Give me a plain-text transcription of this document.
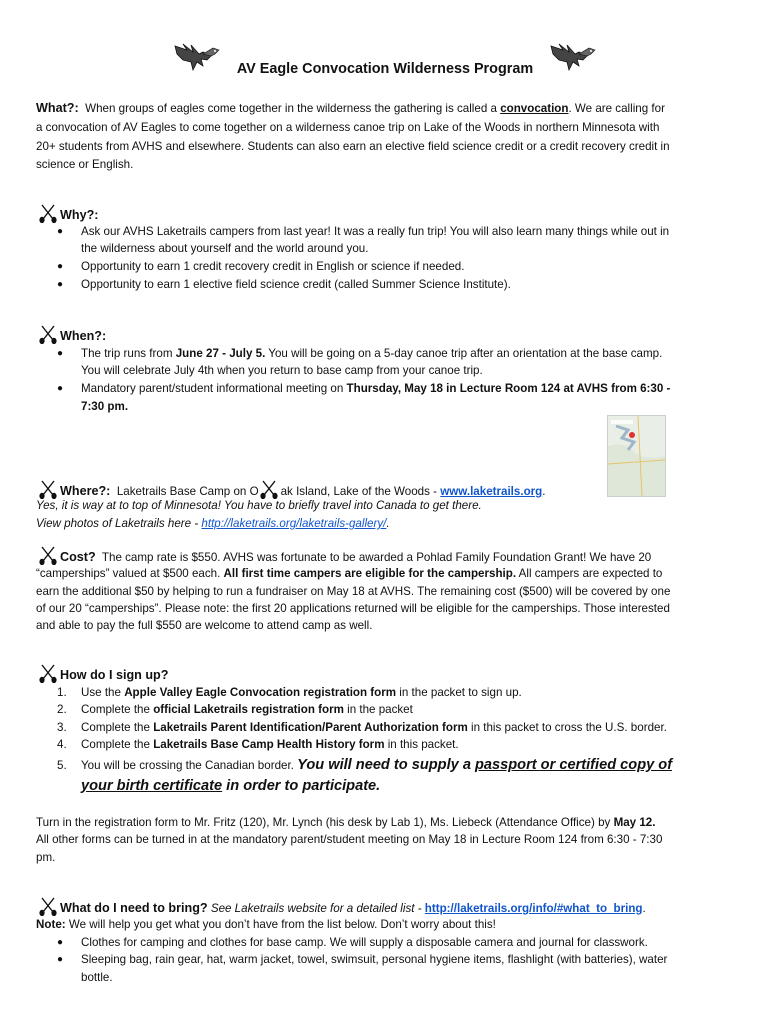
AV Eagle Convocation Wilderness Program
What?: When groups of eagles come together in the wilderness the gathering is called a convocation. We are calling for
a convocation of AV Eagles to come together on a wilderness canoe trip on Lake of the Woods in northern Minnesota with
20+ students from AVHS and elsewhere. Students can also earn an elective field science credit or a credit recovery credit in
science or English.
Why?:
● Ask our AVHS Laketrails campers from last year! It was a really fun trip! You will also learn many things while out in
the wilderness about yourself and the world around you.
● Opportunity to earn 1 credit recovery credit in English or science if needed.
● Opportunity to earn 1 elective field science credit (called Summer Science Institute).
When?:
● The trip runs from June 27 - July 5. You will be going on a 5-day canoe trip after an orientation at the base camp.
You will celebrate July 4th when you return to base camp from your canoe trip.
● Mandatory parent/student informational meeting on Thursday, May 18 in Lecture Room 124 at AVHS from 6:30 -
7:30 pm.
Where?: Laketrails Base Camp on O ak Island, Lake of the Woods - www.laketrails.org.
Yes, it is way at to top of Minnesota! You have to briefly travel into Canada to get there.
View photos of Laketrails here - http://laketrails.org/laketrails-gallery/.
Cost? The camp rate is $550. AVHS was fortunate to be awarded a Pohlad Family Foundation Grant! We have 20
“camperships” valued at $500 each. All first time campers are eligible for the campership. All campers are expected to
earn the additional $50 by helping to run a fundraiser on May 18 at AVHS. The remaining cost ($500) will be covered by one
of our 20 “camperships”. Please note: the first 20 applications returned will be eligible for the camperships. Those interested
and able to pay the full $550 are welcome to attend camp as well.
How do I sign up?
1. Use the Apple Valley Eagle Convocation registration form in the packet to sign up.
2. Complete the official Laketrails registration form in the packet
3. Complete the Laketrails Parent Identification/Parent Authorization form in this packet to cross the U.S. border.
4. Complete the Laketrails Base Camp Health History form in this packet.
5. You will be crossing the Canadian border. You will need to supply a passport or certified copy of
your birth certificate in order to participate.
Turn in the registration form to Mr. Fritz (120), Mr. Lynch (his desk by Lab 1), Ms. Liebeck (Attendance Office) by May 12.
All other forms can be turned in at the mandatory parent/student meeting on May 18 in Lecture Room 124 from 6:30 - 7:30
pm.
What do I need to bring? See Laketrails website for a detailed list - http://laketrails.org/info/#what_to_bring.
Note: We will help you get what you don’t have from the list below. Don’t worry about this!
● Clothes for camping and clothes for base camp. We will supply a disposable camera and journal for classwork.
● Sleeping bag, rain gear, hat, warm jacket, towel, swimsuit, personal hygiene items, flashlight (with batteries), water
bottle.
